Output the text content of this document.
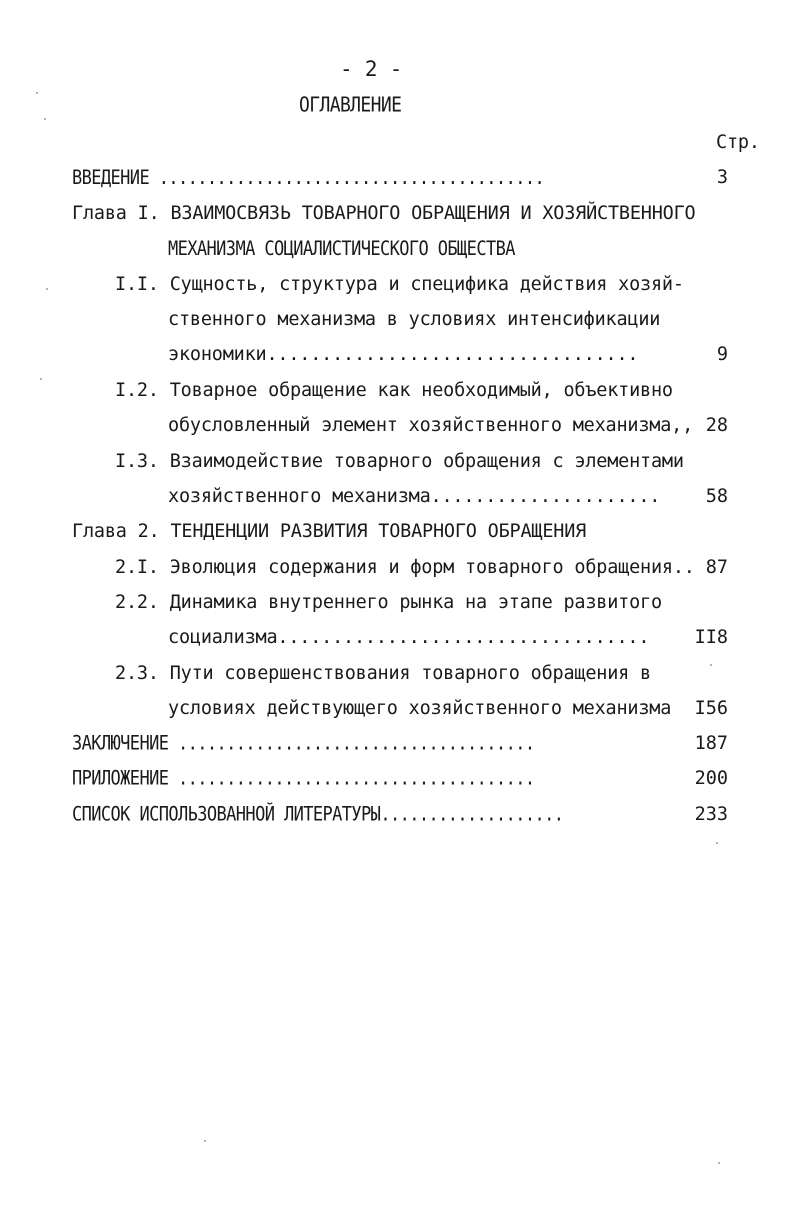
- 2 -
ОГЛАВЛЕНИЕ
Стр.
ВВЕДЕНИЕ ........................................	3
Глава I. ВЗАИМОСВЯЗЬ ТОВАРНОГО ОБРАЩЕНИЯ И ХОЗЯЙСТВЕННОГО
МЕХАНИЗМА СОЦИАЛИСТИЧЕСКОГО ОБЩЕСТВА
I.I. Сущность, структура и специфика действия хозяй-
ственного механизма в условиях интенсификации
экономики..................................	9
I.2. Товарное обращение как необходимый, объективно
обусловленный элемент хозяйственного механизма,, 28
I.3. Взаимодействие товарного обращения с элементами
хозяйственного механизма.....................	58
Глава 2. ТЕНДЕНЦИИ РАЗВИТИЯ ТОВАРНОГО ОБРАЩЕНИЯ
2.I. Эволюция содержания и форм товарного обращения.. 87
2.2. Динамика внутреннего рынка на этапе развитого
социализма..................................	II8
2.3. Пути совершенствования товарного обращения в
условиях действующего хозяйственного механизма I56
ЗАКЛЮЧЕНИЕ .....................................	187
ПРИЛОЖЕНИЕ .....................................	200
СПИСОК ИСПОЛЬЗОВАННОЙ ЛИТЕРАТУРЫ...................	233
